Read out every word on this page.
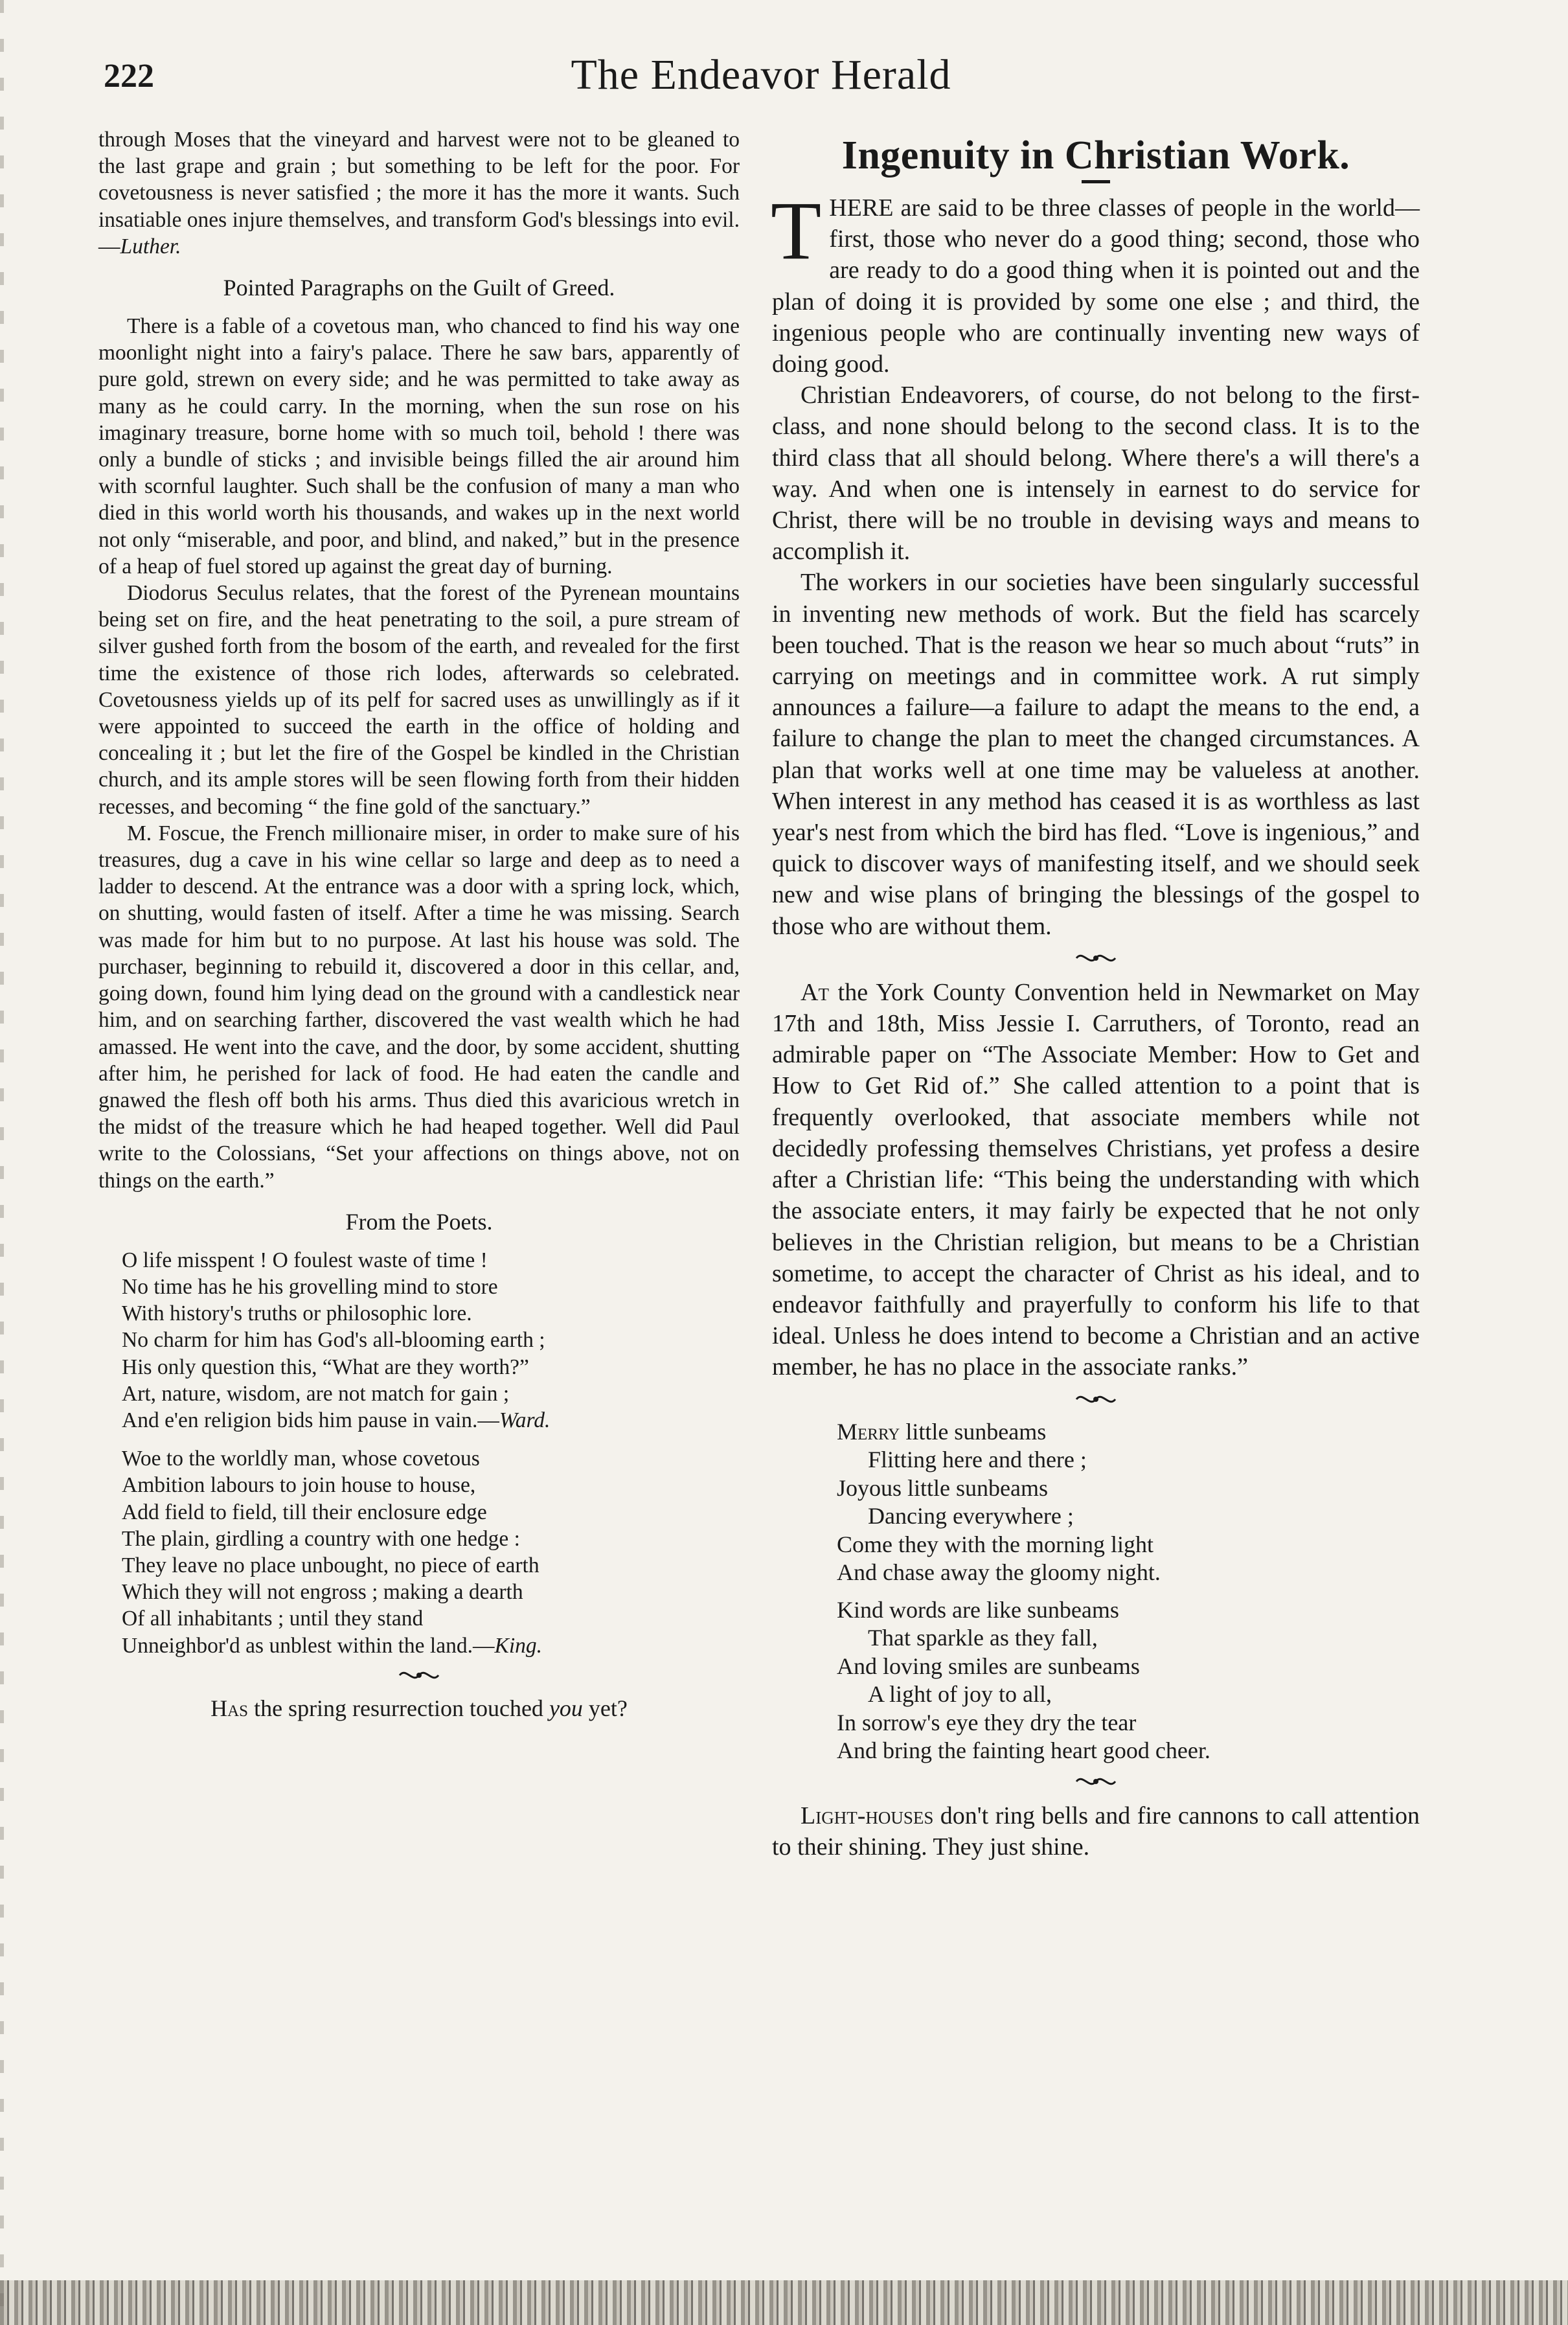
222	The Endeavor Herald

through Moses that the vineyard and harvest were not to be gleaned to the last grape and grain ; but something to be left for the poor. For covetousness is never satisfied ; the more it has the more it wants. Such insatiable ones injure themselves, and transform God's blessings into evil.—Luther.

Pointed Paragraphs on the Guilt of Greed.

There is a fable of a covetous man, who chanced to find his way one moonlight night into a fairy's palace. There he saw bars, apparently of pure gold, strewn on every side; and he was permitted to take away as many as he could carry. In the morning, when the sun rose on his imaginary treasure, borne home with so much toil, behold ! there was only a bundle of sticks ; and invisible beings filled the air around him with scornful laughter. Such shall be the confusion of many a man who died in this world worth his thousands, and wakes up in the next world not only “miserable, and poor, and blind, and naked,” but in the presence of a heap of fuel stored up against the great day of burning.

Diodorus Seculus relates, that the forest of the Pyrenean mountains being set on fire, and the heat penetrating to the soil, a pure stream of silver gushed forth from the bosom of the earth, and revealed for the first time the existence of those rich lodes, afterwards so celebrated. Covetousness yields up of its pelf for sacred uses as unwillingly as if it were appointed to succeed the earth in the office of holding and concealing it ; but let the fire of the Gospel be kindled in the Christian church, and its ample stores will be seen flowing forth from their hidden recesses, and becoming “ the fine gold of the sanctuary.”

M. Foscue, the French millionaire miser, in order to make sure of his treasures, dug a cave in his wine cellar so large and deep as to need a ladder to descend. At the entrance was a door with a spring lock, which, on shutting, would fasten of itself. After a time he was missing. Search was made for him but to no purpose. At last his house was sold. The purchaser, beginning to rebuild it, discovered a door in this cellar, and, going down, found him lying dead on the ground with a candlestick near him, and on searching farther, discovered the vast wealth which he had amassed. He went into the cave, and the door, by some accident, shutting after him, he perished for lack of food. He had eaten the candle and gnawed the flesh off both his arms. Thus died this avaricious wretch in the midst of the treasure which he had heaped together. Well did Paul write to the Colossians, “Set your affections on things above, not on things on the earth.”

From the Poets.
O life misspent ! O foulest waste of time !
No time has he his grovelling mind to store
With history's truths or philosophic lore.
No charm for him has God's all-blooming earth ;
His only question this, “What are they worth?”
Art, nature, wisdom, are not match for gain ;
And e'en religion bids him pause in vain.—Ward.
Woe to the worldly man, whose covetous
Ambition labours to join house to house,
Add field to field, till their enclosure edge
The plain, girdling a country with one hedge :
They leave no place unbought, no piece of earth
Which they will not engross ; making a dearth
Of all inhabitants ; until they stand
Unneighbor'd as unblest within the land.—King.

Has the spring resurrection touched you yet?

Ingenuity in Christian Work.

THERE are said to be three classes of people in the world—first, those who never do a good thing; second, those who are ready to do a good thing when it is pointed out and the plan of doing it is provided by some one else ; and third, the ingenious people who are continually inventing new ways of doing good.

Christian Endeavorers, of course, do not belong to the first-class, and none should belong to the second class. It is to the third class that all should belong. Where there's a will there's a way. And when one is intensely in earnest to do service for Christ, there will be no trouble in devising ways and means to accomplish it.

The workers in our societies have been singularly successful in inventing new methods of work. But the field has scarcely been touched. That is the reason we hear so much about “ruts” in carrying on meetings and in committee work. A rut simply announces a failure—a failure to adapt the means to the end, a failure to change the plan to meet the changed circumstances. A plan that works well at one time may be valueless at another. When interest in any method has ceased it is as worthless as last year's nest from which the bird has fled. “Love is ingenious,” and quick to discover ways of manifesting itself, and we should seek new and wise plans of bringing the blessings of the gospel to those who are without them.

At the York County Convention held in Newmarket on May 17th and 18th, Miss Jessie I. Carruthers, of Toronto, read an admirable paper on “The Associate Member: How to Get and How to Get Rid of.” She called attention to a point that is frequently overlooked, that associate members while not decidedly professing themselves Christians, yet profess a desire after a Christian life: “This being the understanding with which the associate enters, it may fairly be expected that he not only believes in the Christian religion, but means to be a Christian sometime, to accept the character of Christ as his ideal, and to endeavor faithfully and prayerfully to conform his life to that ideal. Unless he does intend to become a Christian and an active member, he has no place in the associate ranks.”

Merry little sunbeams
Flitting here and there ;
Joyous little sunbeams
Dancing everywhere ;
Come they with the morning light
And chase away the gloomy night.
Kind words are like sunbeams
That sparkle as they fall,
And loving smiles are sunbeams
A light of joy to all,
In sorrow's eye they dry the tear
And bring the fainting heart good cheer.

Light-houses don't ring bells and fire cannons to call attention to their shining. They just shine.
